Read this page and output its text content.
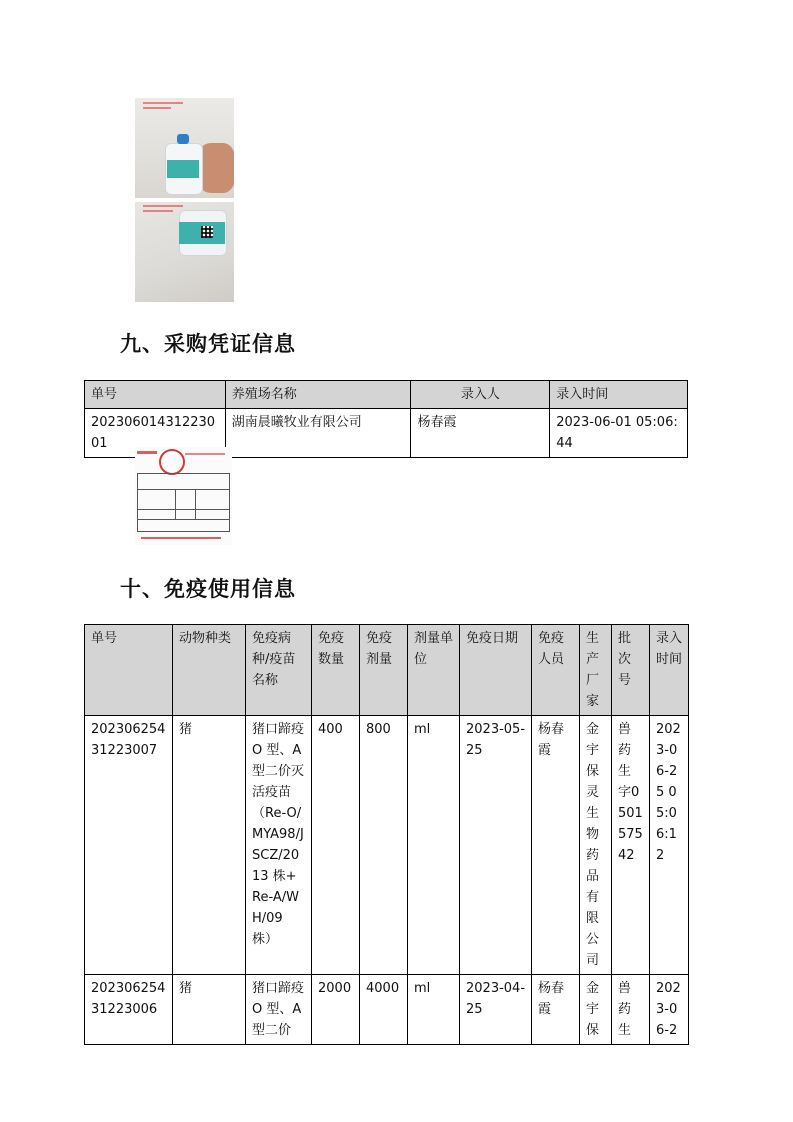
九、采购凭证信息
单号	养殖场名称	录入人	录入时间
20230601431223001	湖南晨曦牧业有限公司	杨春霞	2023-06-01 05:06:44
十、免疫使用信息
单号	动物种类	免疫病种/疫苗名称	免疫数量	免疫剂量	剂量单位	免疫日期	免疫人员	生产厂家	批次号	录入时间
20230625431223007	猪	猪口蹄疫 O 型、A 型二价灭活疫苗（Re-O/MYA98/JSCZ/2013 株+Re-A/WH/09 株）	400	800	ml	2023-05-25	杨春霞	金宇保灵生物药品有限公司	兽药生字050157542	2023-06-25 05:06:12
20230625431223006	猪	猪口蹄疫 O 型、A 型二价	2000	4000	ml	2023-04-25	杨春霞	金宇保	兽药生	2023-06-2
